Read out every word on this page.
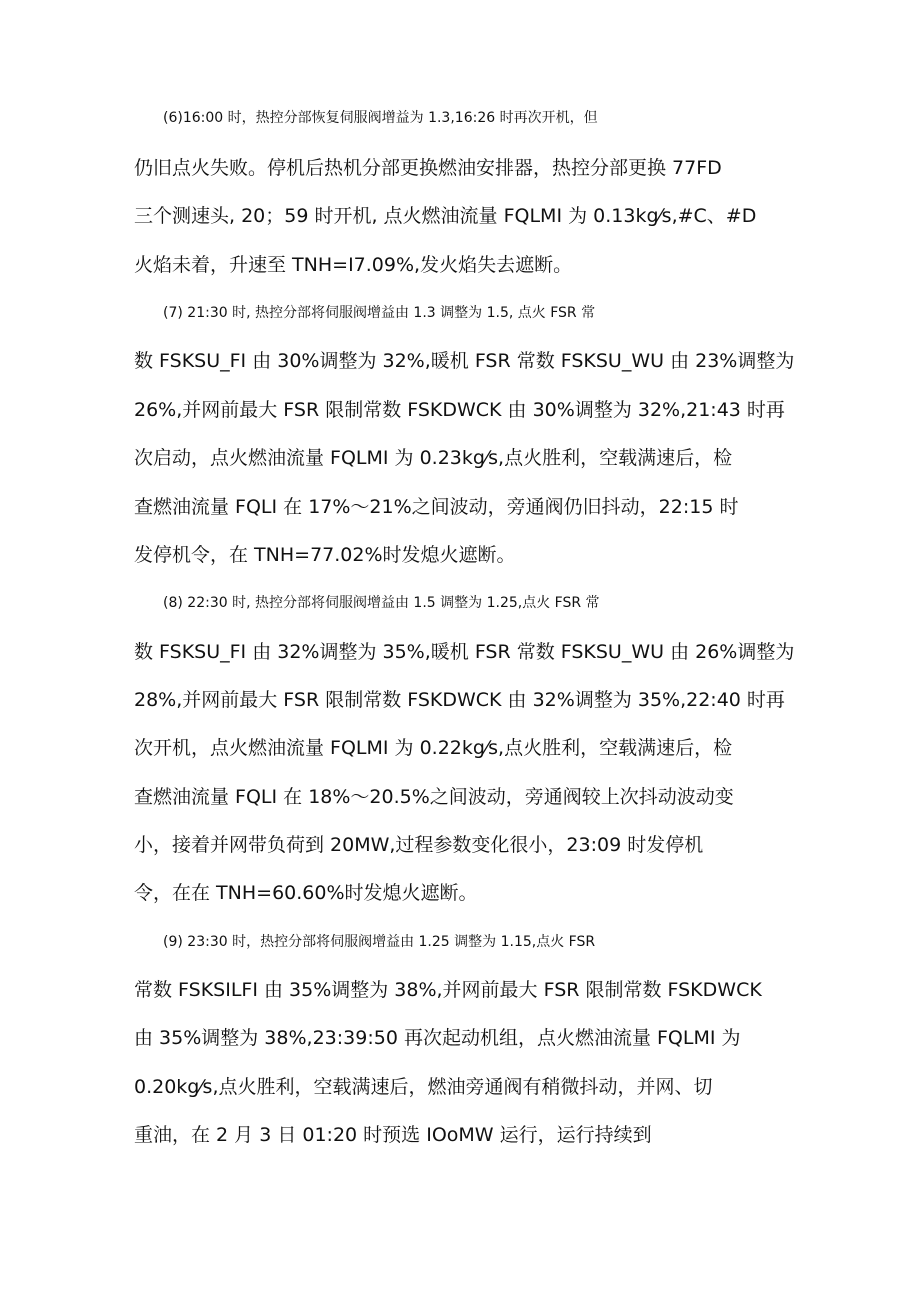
(6)16:00 时，热控分部恢复伺服阀增益为 1.3,16:26 时再次开机，但
仍旧点火失败。停机后热机分部更换燃油安排器，热控分部更换 77FD
三个测速头, 20；59 时开机, 点火燃油流量 FQLMI 为 0.13kg⁄s,#C、#D
火焰未着，升速至 TNH=I7.09%,发火焰失去遮断。
(7) 21:30 时, 热控分部将伺服阀增益由 1.3 调整为 1.5, 点火 FSR 常
数 FSKSU_FI 由 30%调整为 32%,暖机 FSR 常数 FSKSU_WU 由 23%调整为
26%,并网前最大 FSR 限制常数 FSKDWCK 由 30%调整为 32%,21:43 时再
次启动，点火燃油流量 FQLMI 为 0.23kg⁄s,点火胜利，空载满速后，检
查燃油流量 FQLI 在 17%～21%之间波动，旁通阀仍旧抖动，22:15 时
发停机令，在 TNH=77.02%时发熄火遮断。
(8) 22:30 时, 热控分部将伺服阀增益由 1.5 调整为 1.25,点火 FSR 常
数 FSKSU_FI 由 32%调整为 35%,暖机 FSR 常数 FSKSU_WU 由 26%调整为
28%,并网前最大 FSR 限制常数 FSKDWCK 由 32%调整为 35%,22:40 时再
次开机，点火燃油流量 FQLMI 为 0.22kg⁄s,点火胜利，空载满速后，检
查燃油流量 FQLI 在 18%～20.5%之间波动，旁通阀较上次抖动波动变
小，接着并网带负荷到 20MW,过程参数变化很小，23:09 时发停机
令，在在 TNH=60.60%时发熄火遮断。
(9) 23:30 时，热控分部将伺服阀增益由 1.25 调整为 1.15,点火 FSR
常数 FSKSILFI 由 35%调整为 38%,并网前最大 FSR 限制常数 FSKDWCK
由 35%调整为 38%,23:39:50 再次起动机组，点火燃油流量 FQLMI 为
0.20kg⁄s,点火胜利，空载满速后，燃油旁通阀有稍微抖动，并网、切
重油，在 2 月 3 日 01:20 时预选 IOoMW 运行，运行持续到
